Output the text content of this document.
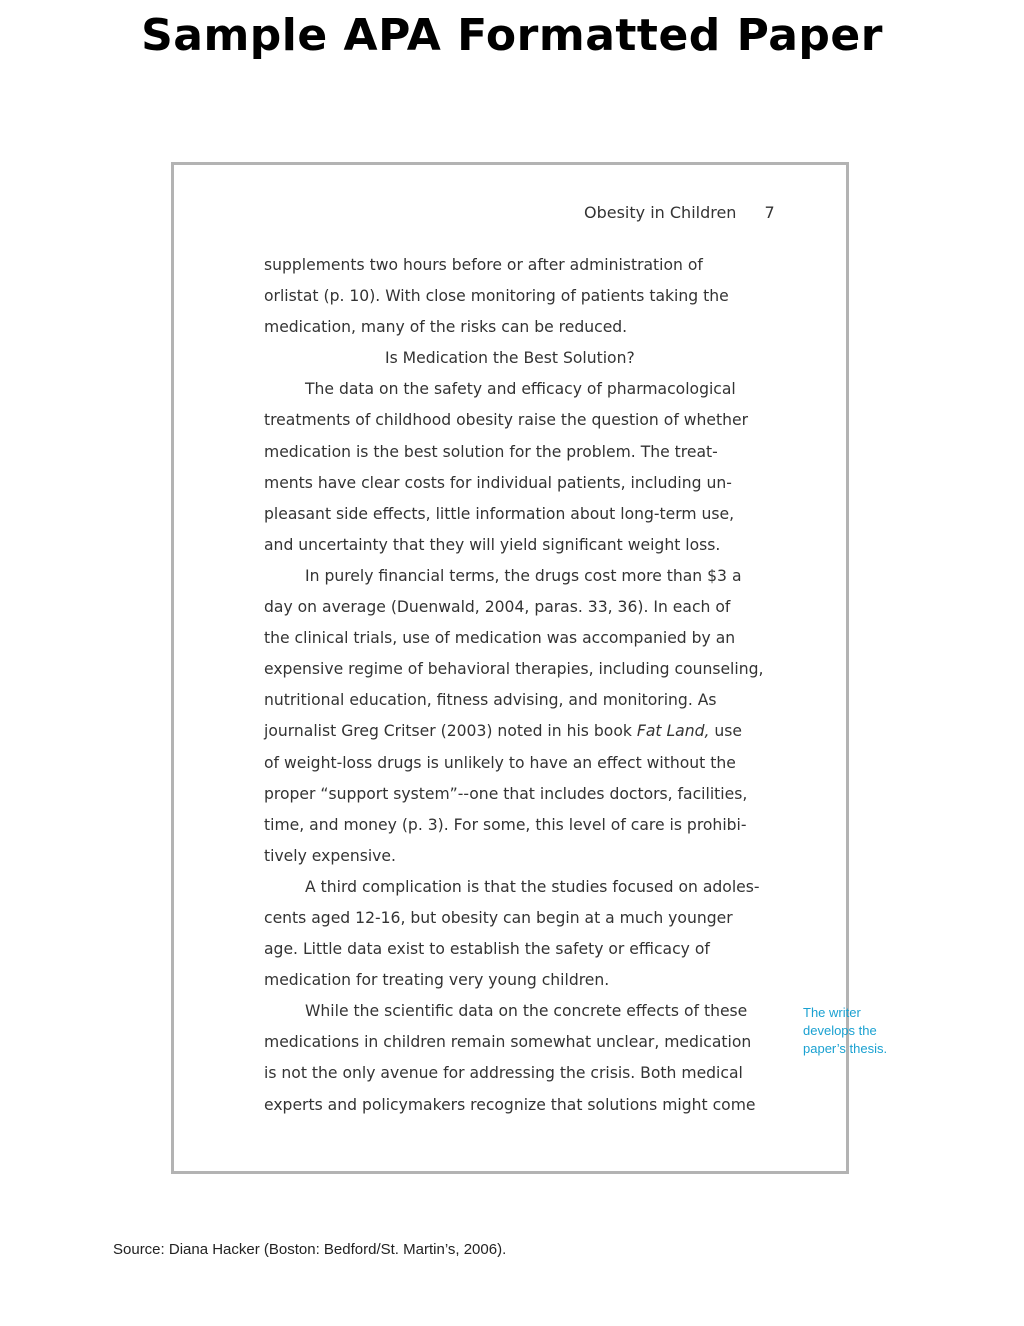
Sample APA Formatted Paper
Obesity in Children 7
supplements two hours before or after administration of
orlistat (p. 10). With close monitoring of patients taking the
medication, many of the risks can be reduced.
Is Medication the Best Solution?
The data on the safety and efficacy of pharmacological
treatments of childhood obesity raise the question of whether
medication is the best solution for the problem. The treat-
ments have clear costs for individual patients, including un-
pleasant side effects, little information about long-term use,
and uncertainty that they will yield significant weight loss.
In purely financial terms, the drugs cost more than $3 a
day on average (Duenwald, 2004, paras. 33, 36). In each of
the clinical trials, use of medication was accompanied by an
expensive regime of behavioral therapies, including counseling,
nutritional education, fitness advising, and monitoring. As
journalist Greg Critser (2003) noted in his book Fat Land, use
of weight-loss drugs is unlikely to have an effect without the
proper “support system”--one that includes doctors, facilities,
time, and money (p. 3). For some, this level of care is prohibi-
tively expensive.
A third complication is that the studies focused on adoles-
cents aged 12-16, but obesity can begin at a much younger
age. Little data exist to establish the safety or efficacy of
medication for treating very young children.
While the scientific data on the concrete effects of these
medications in children remain somewhat unclear, medication
is not the only avenue for addressing the crisis. Both medical
experts and policymakers recognize that solutions might come
The writer
develops the
paper’s thesis.
Source: Diana Hacker (Boston: Bedford/St. Martin’s, 2006).
